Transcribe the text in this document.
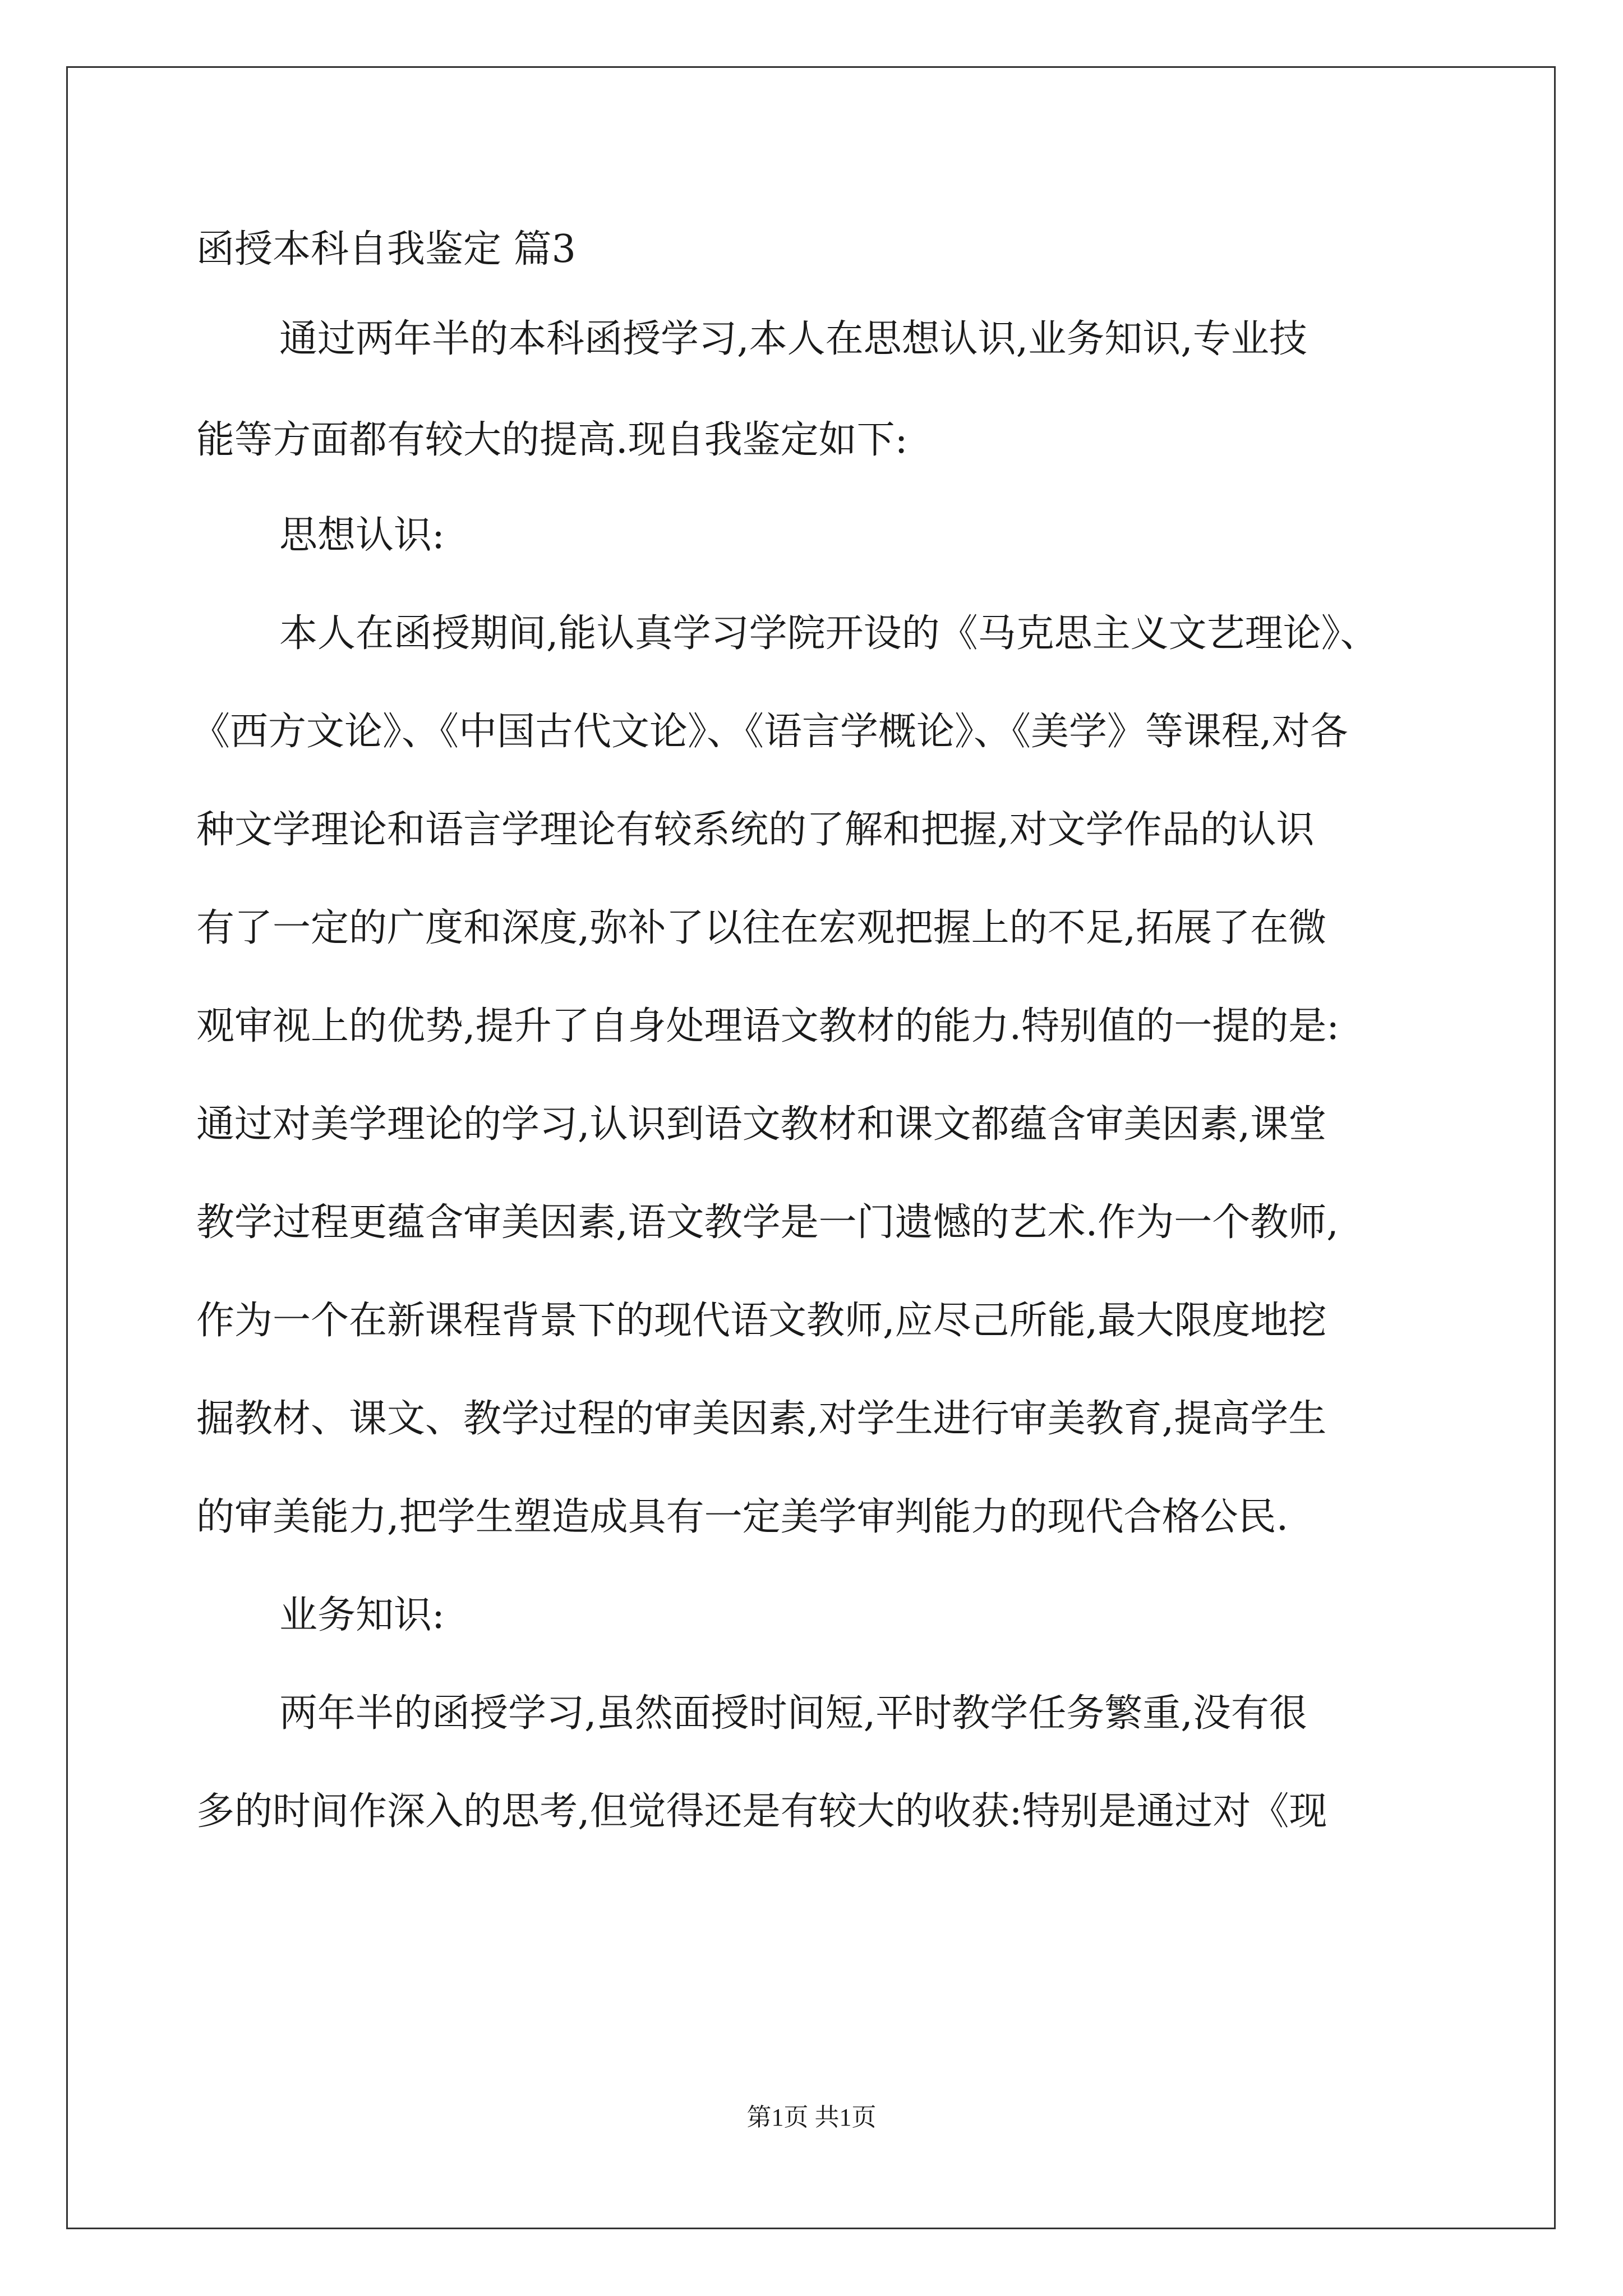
函授本科自我鉴定 篇3
通过两年半的本科函授学习,本人在思想认识,业务知识,专业技
能等方面都有较大的提高.现自我鉴定如下:
思想认识:
本人在函授期间,能认真学习学院开设的《马克思主义文艺理论》、
《西方文论》、《中国古代文论》、《语言学概论》、《美学》等课程,对各
种文学理论和语言学理论有较系统的了解和把握,对文学作品的认识
有了一定的广度和深度,弥补了以往在宏观把握上的不足,拓展了在微
观审视上的优势,提升了自身处理语文教材的能力.特别值的一提的是:
通过对美学理论的学习,认识到语文教材和课文都蕴含审美因素,课堂
教学过程更蕴含审美因素,语文教学是一门遗憾的艺术.作为一个教师,
作为一个在新课程背景下的现代语文教师,应尽己所能,最大限度地挖
掘教材、课文、教学过程的审美因素,对学生进行审美教育,提高学生
的审美能力,把学生塑造成具有一定美学审判能力的现代合格公民.
业务知识:
两年半的函授学习,虽然面授时间短,平时教学任务繁重,没有很
多的时间作深入的思考,但觉得还是有较大的收获:特别是通过对《现
第1页 共1页
